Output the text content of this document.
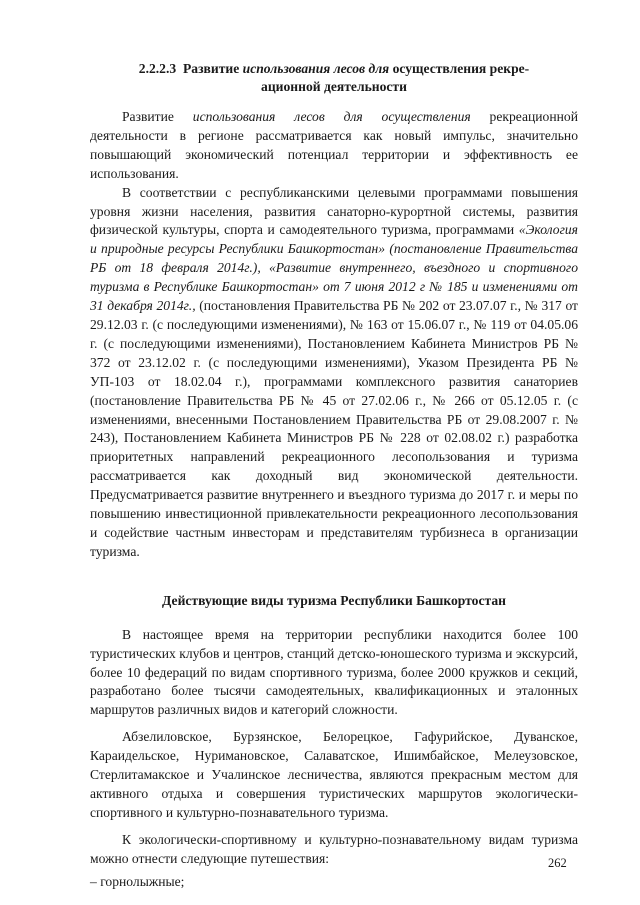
2.2.2.3 Развитие использования лесов для осуществления рекре-
ационной деятельности

Развитие использования лесов для осуществления рекреационной деятельности в регионе рассматривается как новый импульс, значительно повышающий экономический потенциал территории и эффективность ее использования.

В соответствии с республиканскими целевыми программами повышения уровня жизни населения, развития санаторно-курортной системы, развития физической культуры, спорта и самодеятельного туризма, программами «Экология и природные ресурсы Республики Башкортостан» (постановление Правительства РБ от 18 февраля 2014г.), «Развитие внутреннего, въездного и спортивного туризма в Республике Башкортостан» от 7 июня 2012 г № 185 и изменениями от 31 декабря 2014г., (постановления Правительства РБ № 202 от 23.07.07 г., № 317 от 29.12.03 г. (с последующими изменениями), № 163 от 15.06.07 г., № 119 от 04.05.06 г. (с последующими изменениями), Постановлением Кабинета Министров РБ № 372 от 23.12.02 г. (с последующими изменениями), Указом Президента РБ № УП-103 от 18.02.04 г.), программами комплексного развития санаториев (постановление Правительства РБ № 45 от 27.02.06 г., № 266 от 05.12.05 г. (с изменениями, внесенными Постановлением Правительства РБ от 29.08.2007 г. № 243), Постановлением Кабинета Министров РБ № 228 от 02.08.02 г.) разработка приоритетных направлений рекреационного лесопользования и туризма рассматривается как доходный вид экономической деятельности. Предусматривается развитие внутреннего и въездного туризма до 2017 г. и меры по повышению инвестиционной привлекательности рекреационного лесопользования и содействие частным инвесторам и представителям турбизнеса в организации туризма.

Действующие виды туризма Республики Башкортостан

В настоящее время на территории республики находится более 100 туристических клубов и центров, станций детско-юношеского туризма и экскурсий, более 10 федераций по видам спортивного туризма, более 2000 кружков и секций, разработано более тысячи самодеятельных, квалификационных и эталонных маршрутов различных видов и категорий сложности.

Абзелиловское, Бурзянское, Белорецкое, Гафурийское, Дуванское, Караидельское, Нуримановское, Салаватское, Ишимбайское, Мелеузовское, Стерлитамакское и Учалинское лесничества, являются прекрасным местом для активного отдыха и совершения туристических маршрутов экологически-спортивного и культурно-познавательного туризма.

К экологически-спортивному и культурно-познавательному видам туризма можно отнести следующие путешествия:

– горнолыжные;

262
